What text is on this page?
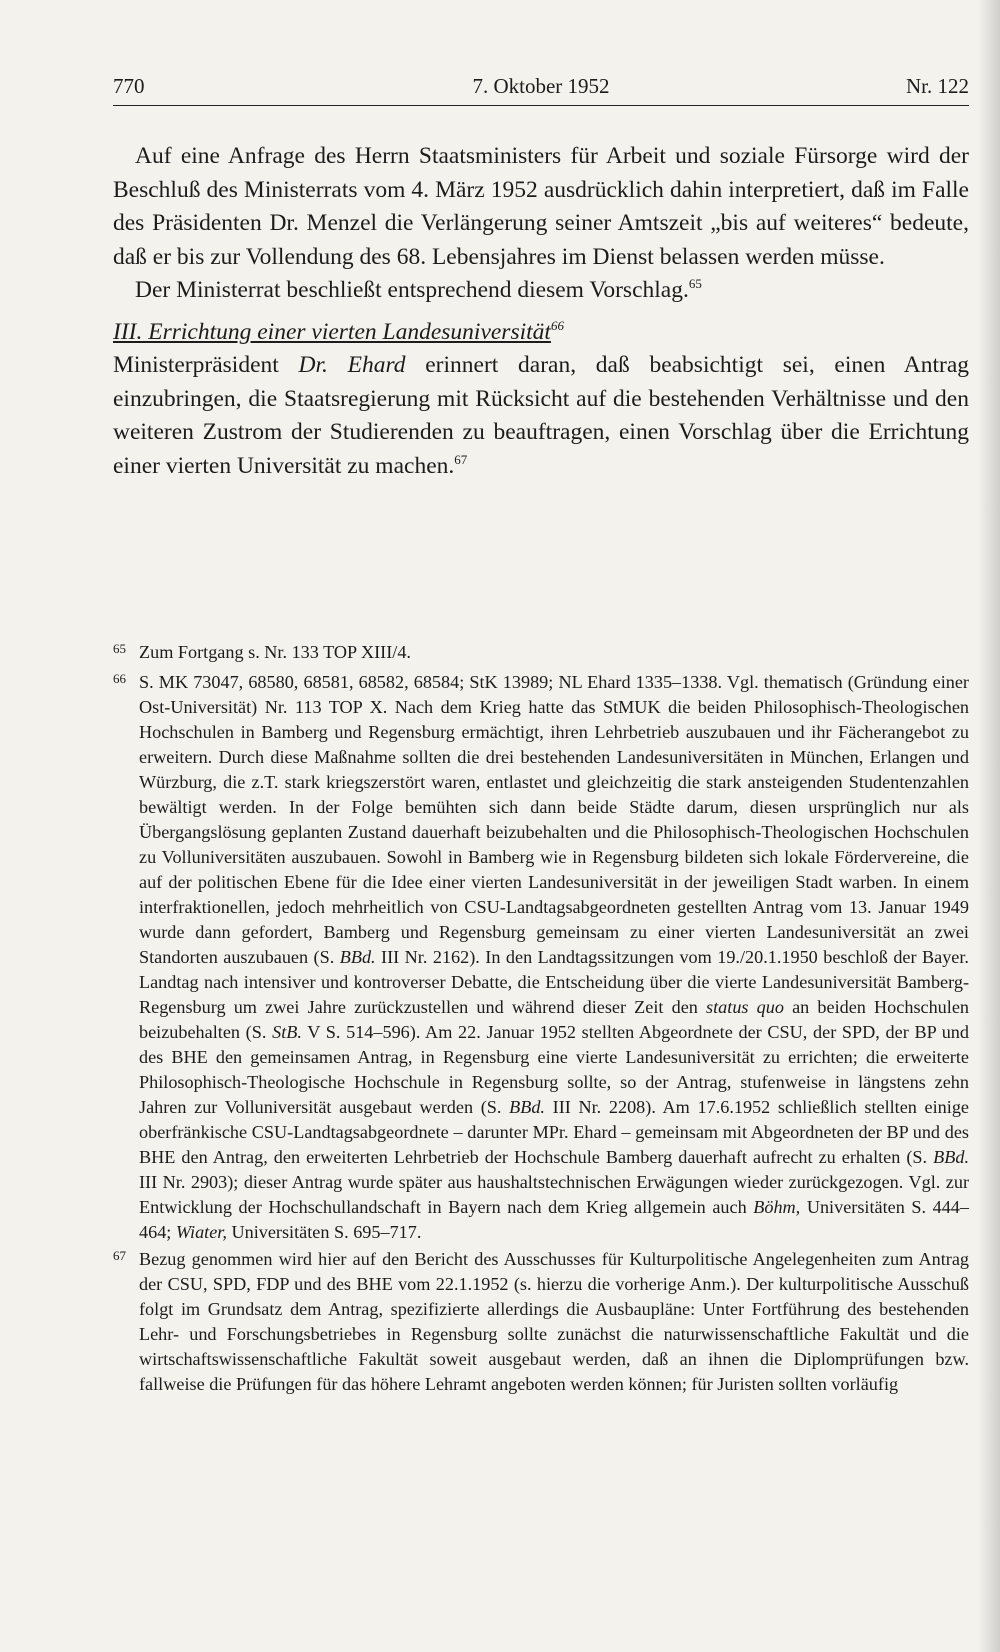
770	7. Oktober 1952	Nr. 122

Auf eine Anfrage des Herrn Staatsministers für Arbeit und soziale Fürsorge wird der Beschluß des Ministerrats vom 4. März 1952 ausdrücklich dahin interpretiert, daß im Falle des Präsidenten Dr. Menzel die Verlängerung seiner Amtszeit „bis auf weiteres“ bedeute, daß er bis zur Vollendung des 68. Lebensjahres im Dienst belassen werden müsse.

Der Ministerrat beschließt entsprechend diesem Vorschlag.$^{65}$

III. Errichtung einer vierten Landesuniversität$^{66}$

Ministerpräsident Dr. Ehard erinnert daran, daß beabsichtigt sei, einen Antrag einzubringen, die Staatsregierung mit Rücksicht auf die bestehenden Verhältnisse und den weiteren Zustrom der Studierenden zu beauftragen, einen Vorschlag über die Errichtung einer vierten Universität zu machen.$^{67}$

65 Zum Fortgang s. Nr. 133 TOP XIII/4.

66 S. MK 73047, 68580, 68581, 68582, 68584; StK 13989; NL Ehard 1335–1338. Vgl. thematisch (Gründung einer Ost-Universität) Nr. 113 TOP X. Nach dem Krieg hatte das StMUK die beiden Philosophisch-Theologischen Hochschulen in Bamberg und Regensburg ermächtigt, ihren Lehrbetrieb auszubauen und ihr Fächerangebot zu erweitern. Durch diese Maßnahme sollten die drei bestehenden Landesuniversitäten in München, Erlangen und Würzburg, die z.T. stark kriegszerstört waren, entlastet und gleichzeitig die stark ansteigenden Studentenzahlen bewältigt werden. In der Folge bemühten sich dann beide Städte darum, diesen ursprünglich nur als Übergangslösung geplanten Zustand dauerhaft beizubehalten und die Philosophisch-Theologischen Hochschulen zu Volluniversitäten auszubauen. Sowohl in Bamberg wie in Regensburg bildeten sich lokale Fördervereine, die auf der politischen Ebene für die Idee einer vierten Landesuniversität in der jeweiligen Stadt warben. In einem interfraktionellen, jedoch mehrheitlich von CSU-Landtagsabgeordneten gestellten Antrag vom 13. Januar 1949 wurde dann gefordert, Bamberg und Regensburg gemeinsam zu einer vierten Landesuniversität an zwei Standorten auszubauen (S. BBd. III Nr. 2162). In den Landtagssitzungen vom 19./20.1.1950 beschloß der Bayer. Landtag nach intensiver und kontroverser Debatte, die Entscheidung über die vierte Landesuniversität Bamberg-Regensburg um zwei Jahre zurückzustellen und während dieser Zeit den status quo an beiden Hochschulen beizubehalten (S. StB. V S. 514–596). Am 22. Januar 1952 stellten Abgeordnete der CSU, der SPD, der BP und des BHE den gemeinsamen Antrag, in Regensburg eine vierte Landesuniversität zu errichten; die erweiterte Philosophisch-Theologische Hochschule in Regensburg sollte, so der Antrag, stufenweise in längstens zehn Jahren zur Volluniversität ausgebaut werden (S. BBd. III Nr. 2208). Am 17.6.1952 schließlich stellten einige oberfränkische CSU-Landtagsabgeordnete – darunter MPr. Ehard – gemeinsam mit Abgeordneten der BP und des BHE den Antrag, den erweiterten Lehrbetrieb der Hochschule Bamberg dauerhaft aufrecht zu erhalten (S. BBd. III Nr. 2903); dieser Antrag wurde später aus haushaltstechnischen Erwägungen wieder zurückgezogen. Vgl. zur Entwicklung der Hochschullandschaft in Bayern nach dem Krieg allgemein auch Böhm, Universitäten S. 444–464; Wiater, Universitäten S. 695–717.

67 Bezug genommen wird hier auf den Bericht des Ausschusses für Kulturpolitische Angelegenheiten zum Antrag der CSU, SPD, FDP und des BHE vom 22.1.1952 (s. hierzu die vorherige Anm.). Der kulturpolitische Ausschuß folgt im Grundsatz dem Antrag, spezifizierte allerdings die Ausbaupläne: Unter Fortführung des bestehenden Lehr- und Forschungsbetriebes in Regensburg sollte zunächst die naturwissenschaftliche Fakultät und die wirtschaftswissenschaftliche Fakultät soweit ausgebaut werden, daß an ihnen die Diplomprüfungen bzw. fallweise die Prüfungen für das höhere Lehramt angeboten werden können; für Juristen sollten vorläufig
